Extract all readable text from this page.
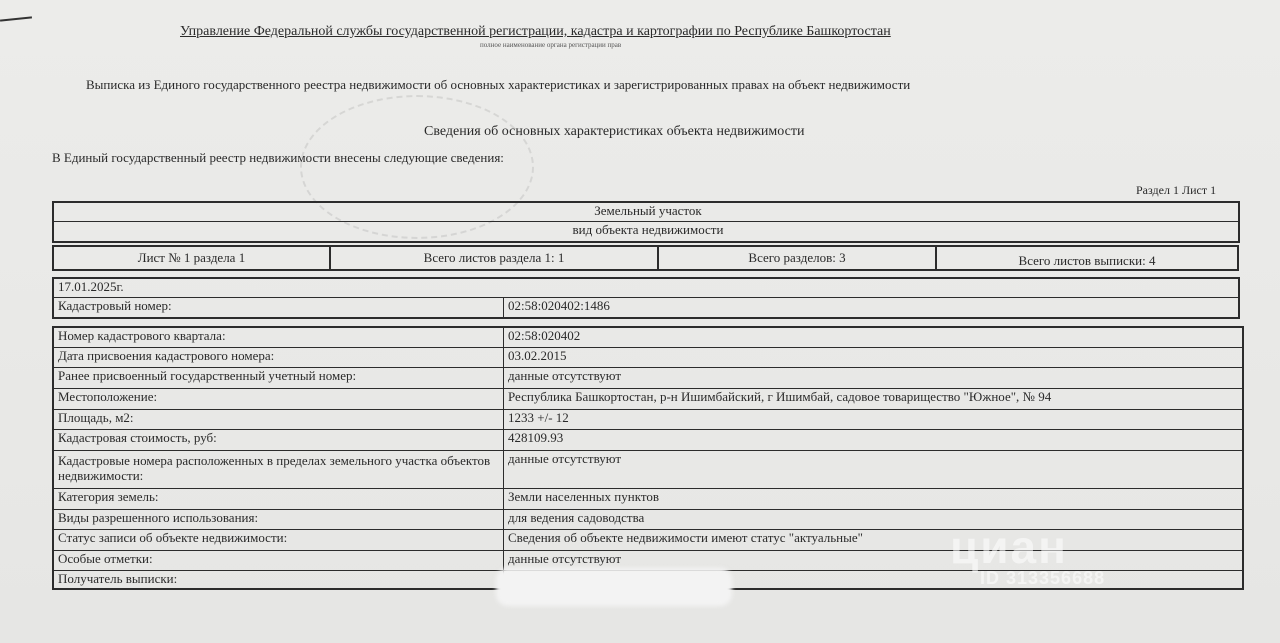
Управление Федеральной службы государственной регистрации, кадастра и картографии по Республике Башкортостан
полное наименование органа регистрации прав
Выписка из Единого государственного реестра недвижимости об основных характеристиках и зарегистрированных правах на объект недвижимости
Сведения об основных характеристиках объекта недвижимости
В Единый государственный реестр недвижимости внесены следующие сведения:
Раздел 1 Лист 1
Земельный участок
вид объекта недвижимости
Лист № 1 раздела 1	Всего листов раздела 1: 1	Всего разделов: 3	Всего листов выписки: 4
17.01.2025г.
Кадастровый номер:	02:58:020402:1486
Номер кадастрового квартала:	02:58:020402
Дата присвоения кадастрового номера:	03.02.2015
Ранее присвоенный государственный учетный номер:	данные отсутствуют
Местоположение:	Республика Башкортостан, р-н Ишимбайский, г Ишимбай, садовое товарищество "Южное", № 94
Площадь, м2:	1233 +/- 12
Кадастровая стоимость, руб:	428109.93
Кадастровые номера расположенных в пределах земельного участка объектов недвижимости:
данные отсутствуют
Категория земель:	Земли населенных пунктов
Виды разрешенного использования:	для ведения садоводства
Статус записи об объекте недвижимости:	Сведения об объекте недвижимости имеют статус "актуальные"
Особые отметки:	данные отсутствуют
Получатель выписки:
циан
ID 313356688
